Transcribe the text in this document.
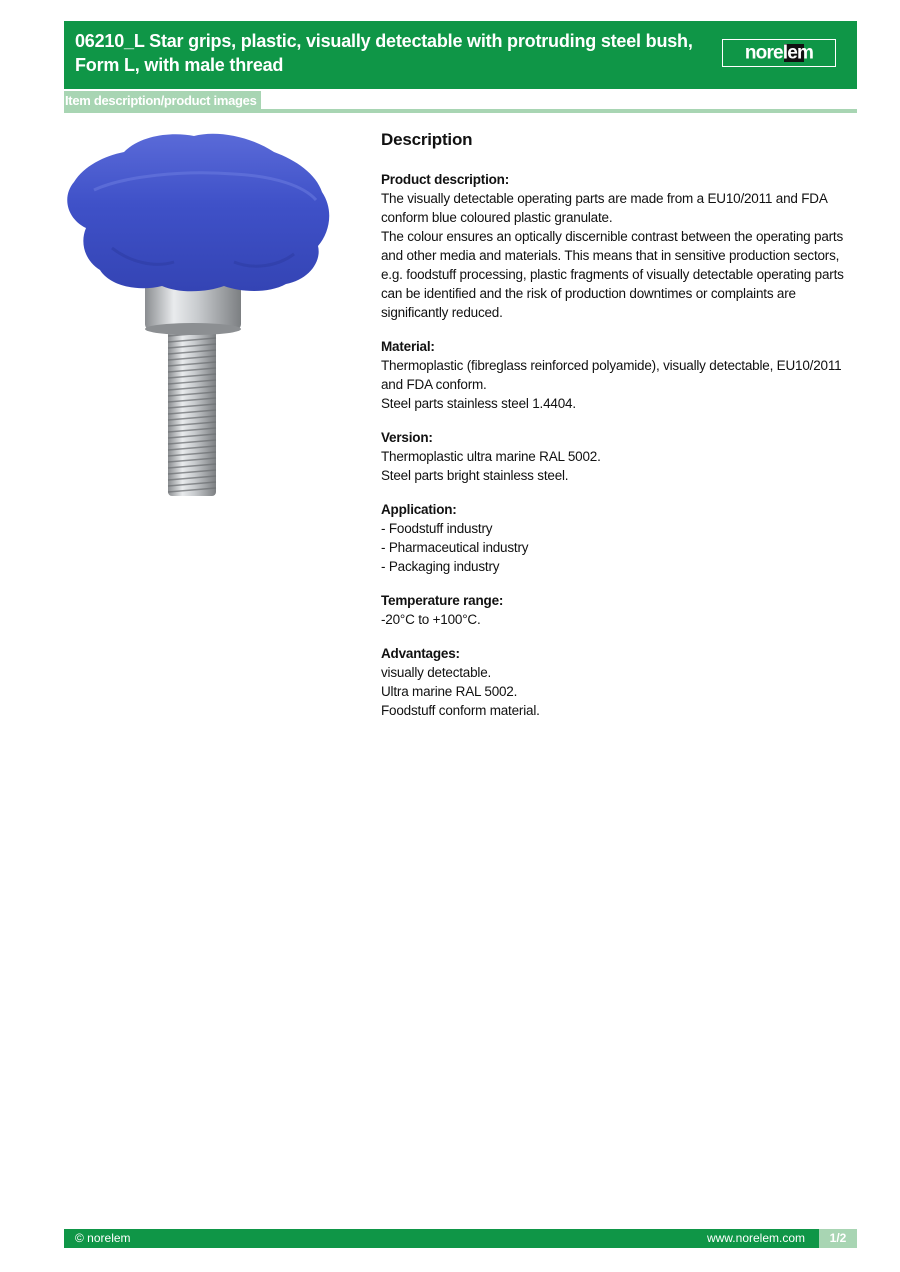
06210_L Star grips, plastic, visually detectable with protruding steel bush, Form L, with male thread
norelem
Item description/product images
Description
Product description:
The visually detectable operating parts are made from a EU10/2011 and FDA conform blue coloured plastic granulate.
The colour ensures an optically discernible contrast between the operating parts and other media and materials. This means that in sensitive production sectors, e.g. foodstuff processing, plastic fragments of visually detectable operating parts can be identified and the risk of production downtimes or complaints are significantly reduced.
Material:
Thermoplastic (fibreglass reinforced polyamide), visually detectable, EU10/2011 and FDA conform.
Steel parts stainless steel 1.4404.
Version:
Thermoplastic ultra marine RAL 5002.
Steel parts bright stainless steel.
Application:
- Foodstuff industry
- Pharmaceutical industry
- Packaging industry
Temperature range:
-20°C to +100°C.
Advantages:
visually detectable.
Ultra marine RAL 5002.
Foodstuff conform material.
© norelem	www.norelem.com	1/2
